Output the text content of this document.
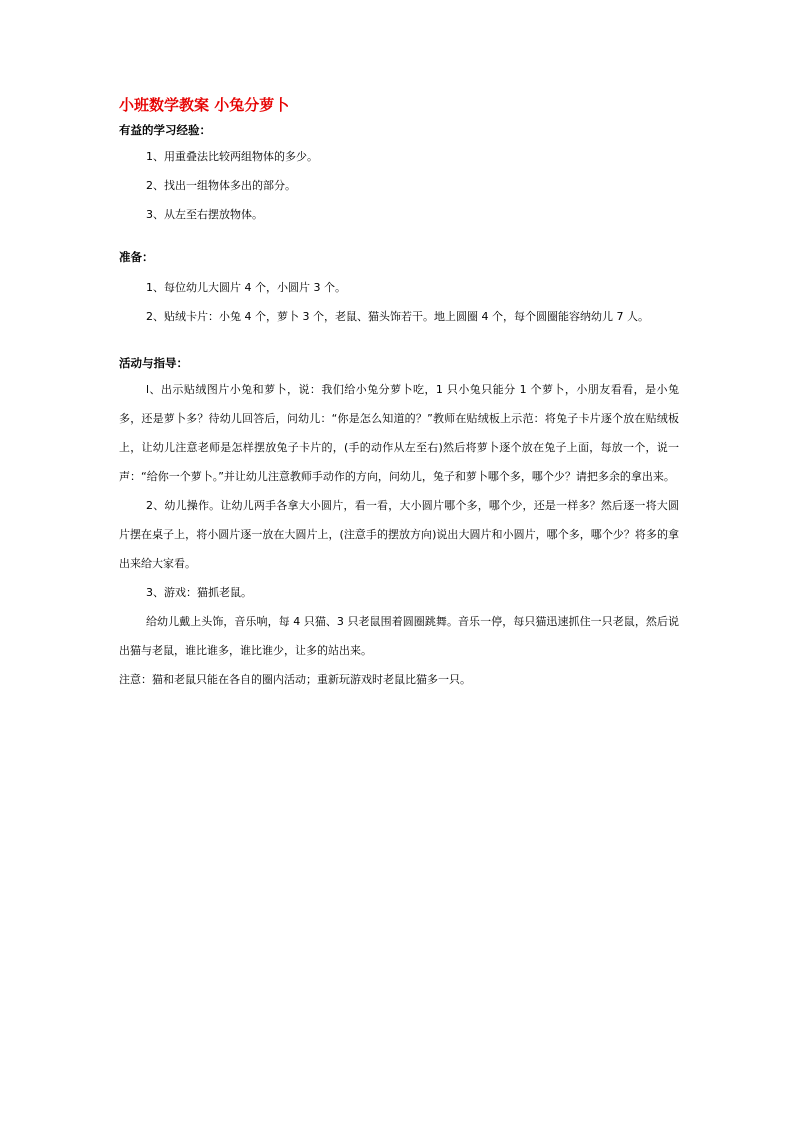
小班数学教案 小兔分萝卜

有益的学习经验：

1、用重叠法比较两组物体的多少。

2、找出一组物体多出的部分。

3、从左至右摆放物体。

准备：

1、每位幼儿大圆片 4 个，小圆片 3 个。

2、贴绒卡片：小兔 4 个，萝卜 3 个，老鼠、猫头饰若干。地上圆圈 4 个，每个圆圈能容纳幼儿 7 人。

活动与指导：

l、出示贴绒图片小兔和萝卜，说：我们给小兔分萝卜吃，1 只小兔只能分 1 个萝卜，小朋友看看，是小兔多，还是萝卜多？待幼儿回答后，问幼儿：“你是怎么知道的？”教师在贴绒板上示范：将兔子卡片逐个放在贴绒板上，让幼儿注意老师是怎样摆放兔子卡片的，(手的动作从左至右)然后将萝卜逐个放在兔子上面，每放一个，说一声：“给你一个萝卜。”并让幼儿注意教师手动作的方向，问幼儿，兔子和萝卜哪个多，哪个少？请把多余的拿出来。

2、幼儿操作。让幼儿两手各拿大小圆片，看一看，大小圆片哪个多，哪个少，还是一样多？然后逐一将大圆片摆在桌子上，将小圆片逐一放在大圆片上，(注意手的摆放方向)说出大圆片和小圆片，哪个多，哪个少？将多的拿出来给大家看。

3、游戏：猫抓老鼠。

给幼儿戴上头饰，音乐响，每 4 只猫、3 只老鼠围着圆圈跳舞。音乐一停，每只猫迅速抓住一只老鼠，然后说出猫与老鼠，谁比谁多，谁比谁少，让多的站出来。

注意：猫和老鼠只能在各自的圈内活动；重新玩游戏时老鼠比猫多一只。
